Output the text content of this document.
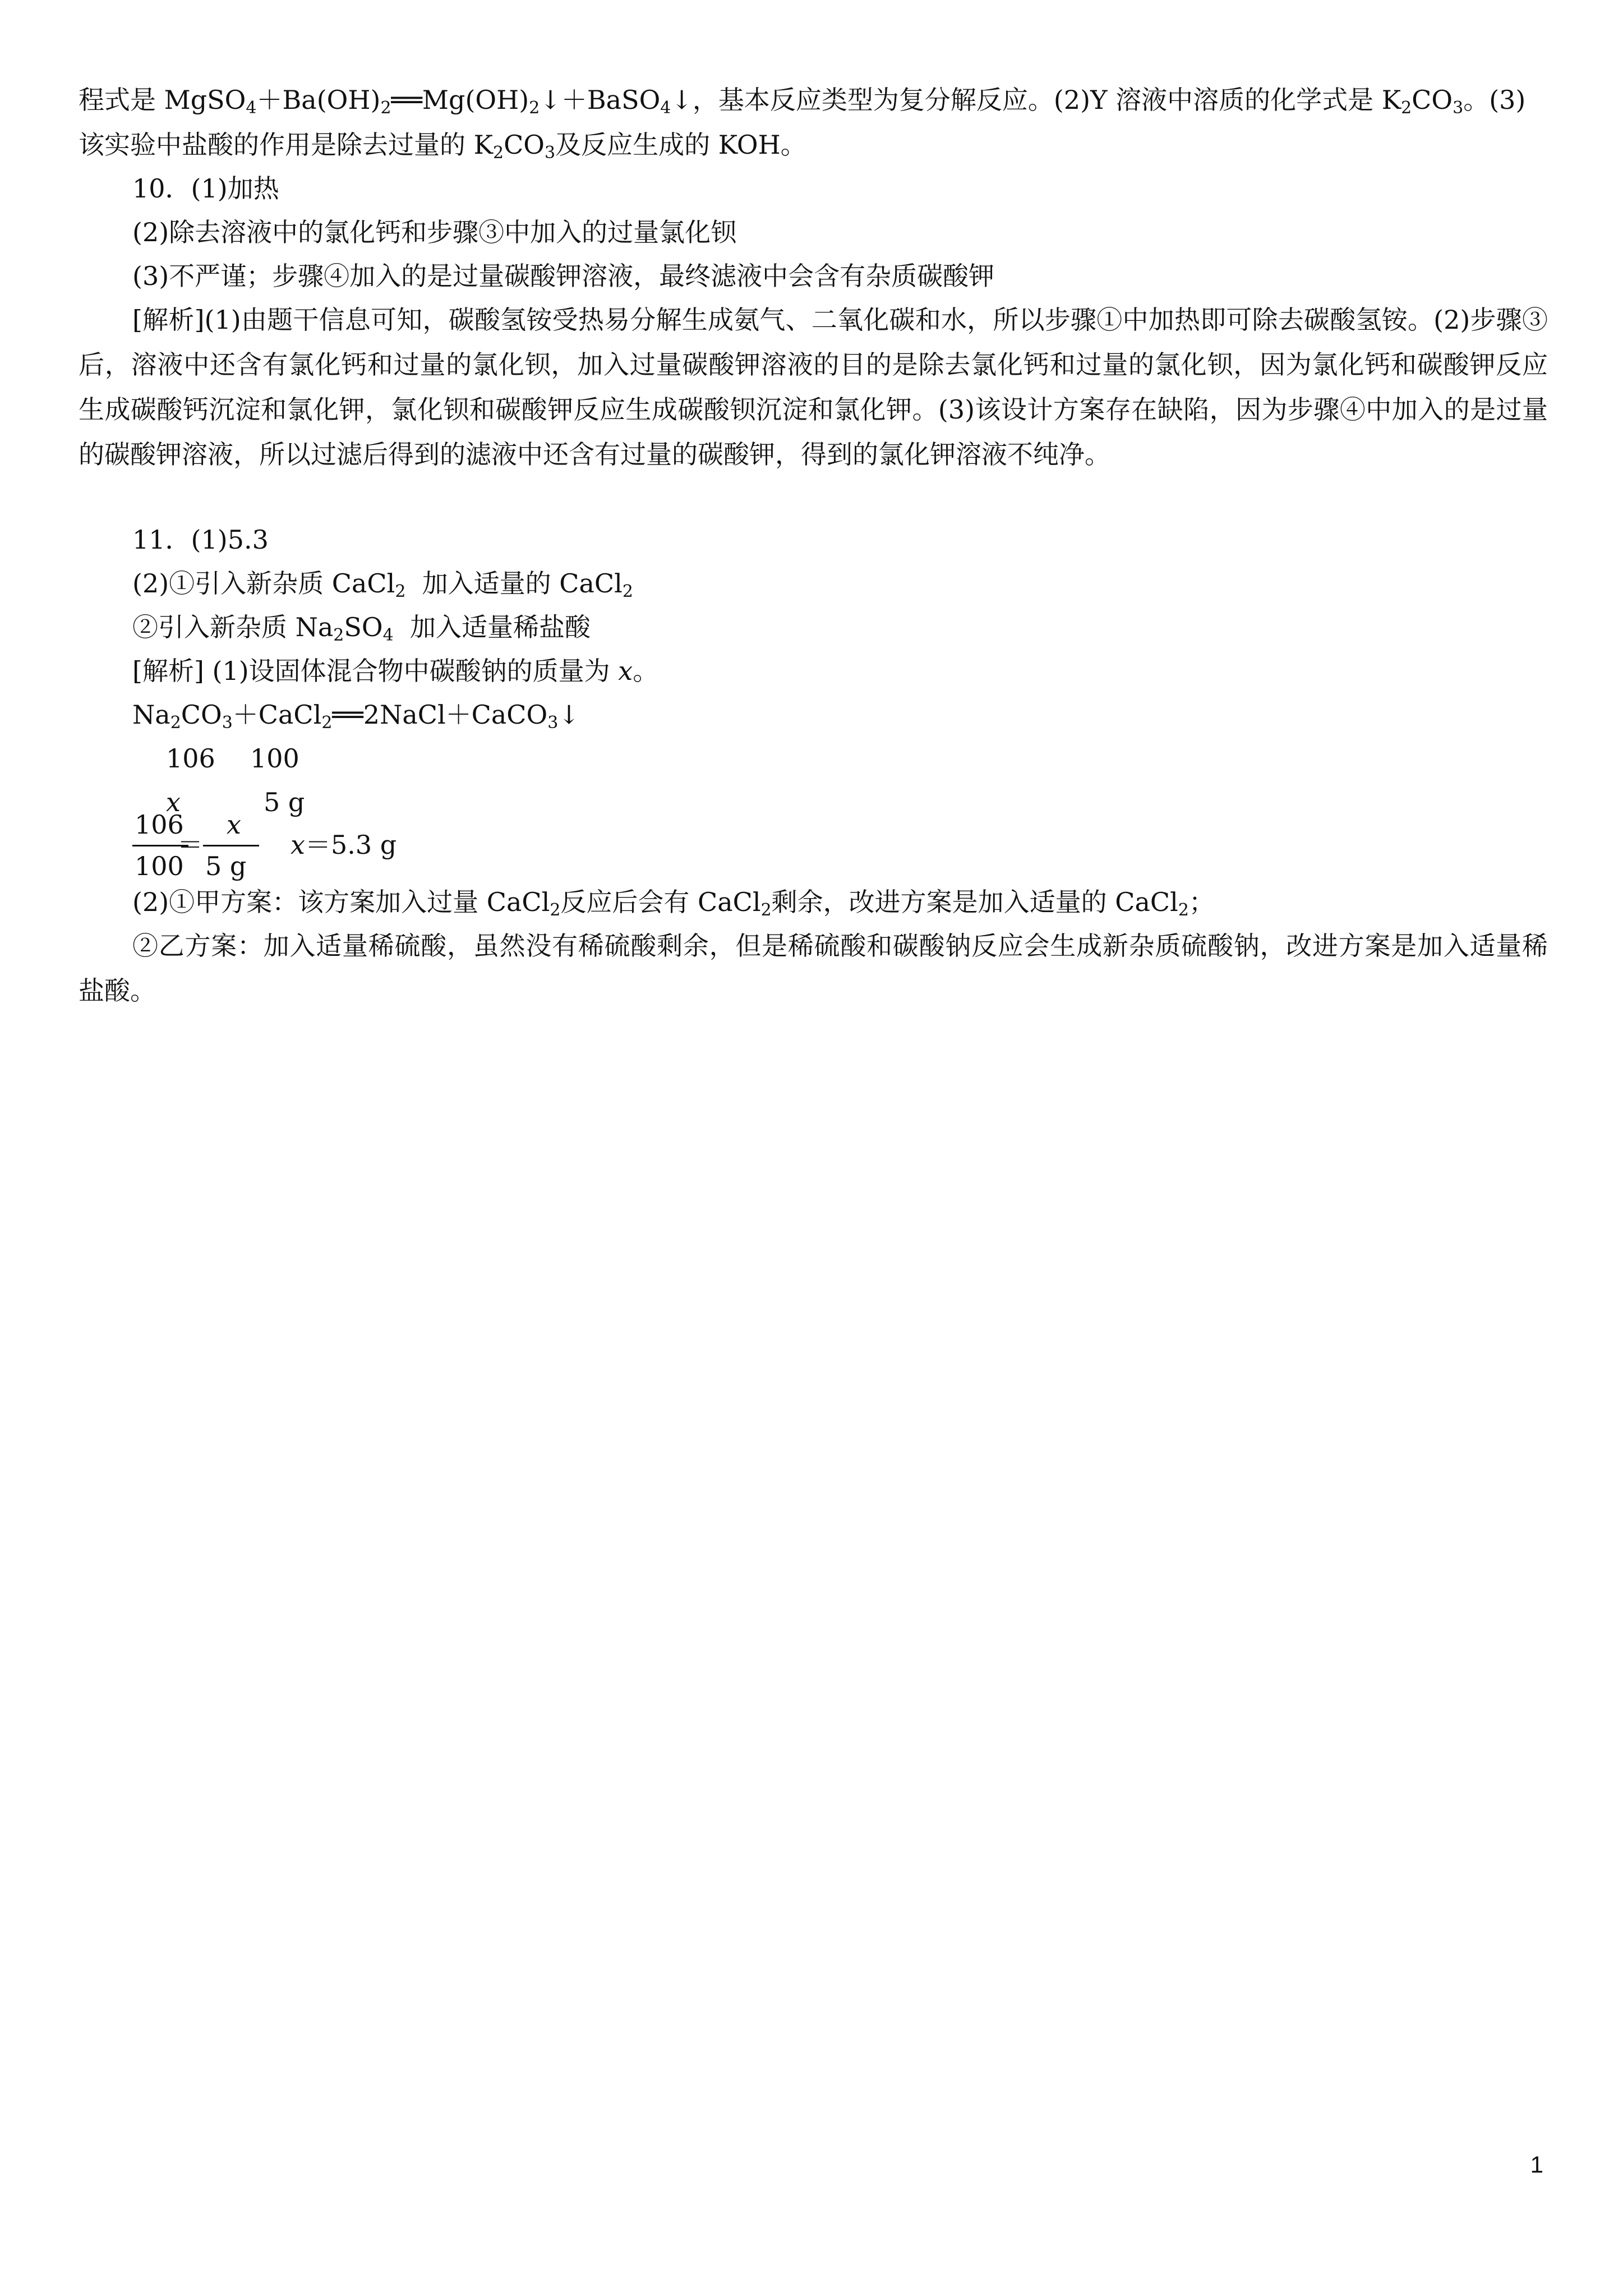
程式是 $MgSO_4+Ba(OH)_2══Mg(OH)_2↓+BaSO_4↓$，基本反应类型为复分解反应。(2)Y 溶液中溶质的化学式是 $K_2CO_3$。(3)
该实验中盐酸的作用是除去过量的 $K_2CO_3$及反应生成的 KOH。
10．(1)加热
(2)除去溶液中的氯化钙和步骤③中加入的过量氯化钡
(3)不严谨；步骤④加入的是过量碳酸钾溶液，最终滤液中会含有杂质碳酸钾
[解析](1)由题干信息可知，碳酸氢铵受热易分解生成氨气、二氧化碳和水，所以步骤①中加热即可除去碳酸氢铵。(2)步骤③后，溶液中还含有氯化钙和过量的氯化钡，加入过量碳酸钾溶液的目的是除去氯化钙和过量的氯化钡，因为氯化钙和碳酸钾反应生成碳酸钙沉淀和氯化钾，氯化钡和碳酸钾反应生成碳酸钡沉淀和氯化钾。(3)该设计方案存在缺陷，因为步骤④中加入的是过量的碳酸钾溶液，所以过滤后得到的滤液中还含有过量的碳酸钾，得到的氯化钾溶液不纯净。
11．(1)5.3
(2)①引入新杂质 CaCl$_2$  加入适量的 CaCl$_2$
②引入新杂质 $Na_2SO_4$  加入适量稀盐酸
[解析] (1)设固体混合物中碳酸钠的质量为 x。
$Na_2CO_3+CaCl_2══2NaCl+CaCO_3↓$
106 100
x	5 g
106
100
＝
x
5 g
x＝5.3 g
(2)①甲方案：该方案加入过量 CaCl$_2$反应后会有 CaCl$_2$剩余，改进方案是加入适量的 CaCl$_2$；
②乙方案：加入适量稀硫酸，虽然没有稀硫酸剩余，但是稀硫酸和碳酸钠反应会生成新杂质硫酸钠，改进方案是加入适量稀盐酸。
1
